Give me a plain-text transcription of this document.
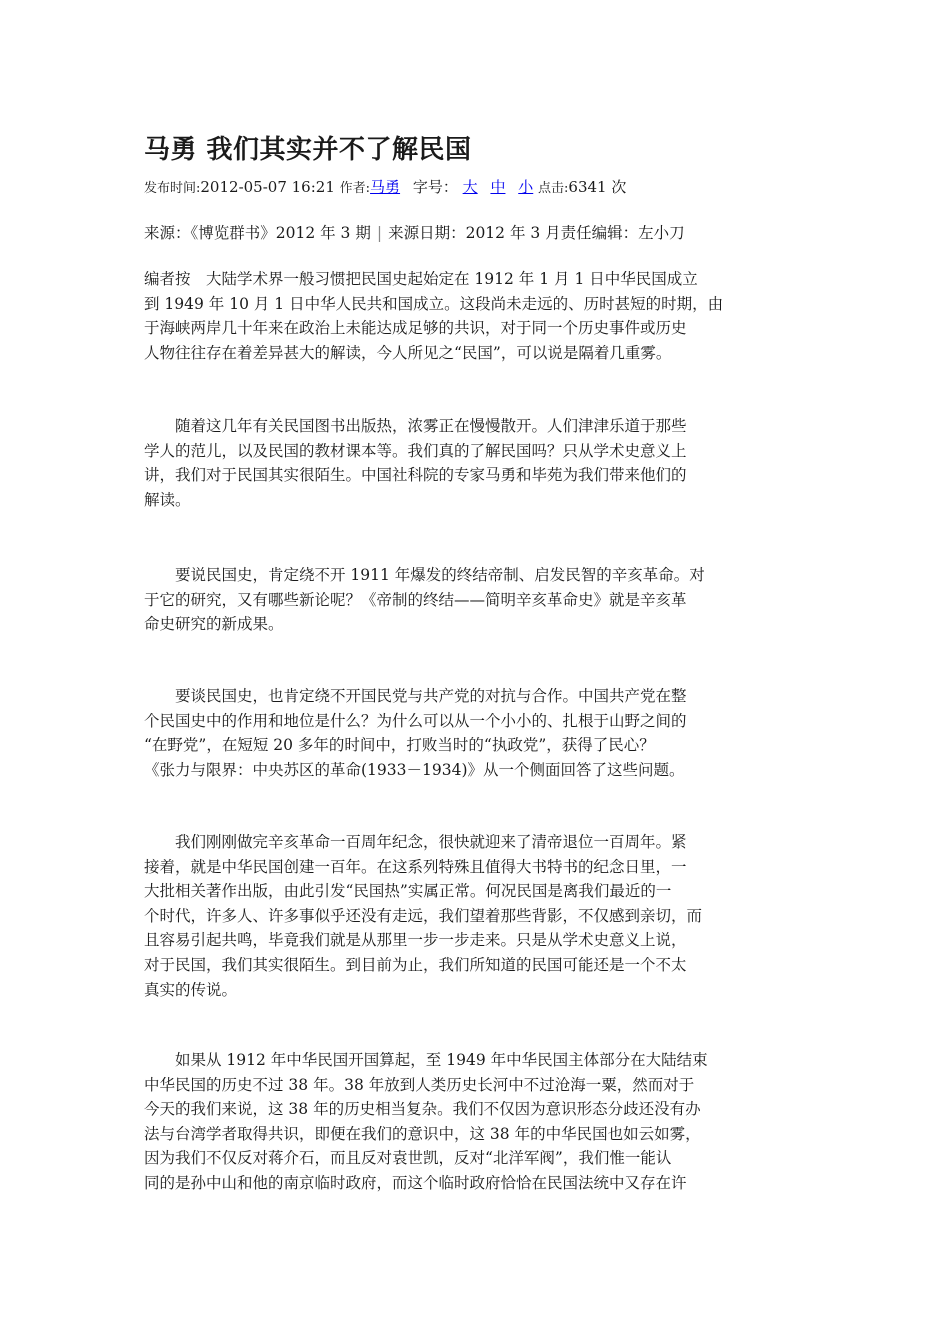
马勇 我们其实并不了解民国
发布时间:2012-05-07 16:21 作者:马勇 字号： 大 中 小 点击:6341 次
来源：《博览群书》2012 年 3 期 | 来源日期：2012 年 3 月责任编辑：左小刀
编者按　大陆学术界一般习惯把民国史起始定在 1912 年 1 月 1 日中华民国成立
到 1949 年 10 月 1 日中华人民共和国成立。这段尚未走远的、历时甚短的时期，由
于海峡两岸几十年来在政治上未能达成足够的共识，对于同一个历史事件或历史
人物往往存在着差异甚大的解读，今人所见之“民国”，可以说是隔着几重雾。
　　随着这几年有关民国图书出版热，浓雾正在慢慢散开。人们津津乐道于那些
学人的范儿，以及民国的教材课本等。我们真的了解民国吗？只从学术史意义上
讲，我们对于民国其实很陌生。中国社科院的专家马勇和毕苑为我们带来他们的
解读。
　　要说民国史，肯定绕不开 1911 年爆发的终结帝制、启发民智的辛亥革命。对
于它的研究，又有哪些新论呢？《帝制的终结——简明辛亥革命史》就是辛亥革
命史研究的新成果。
　　要谈民国史，也肯定绕不开国民党与共产党的对抗与合作。中国共产党在整
个民国史中的作用和地位是什么？为什么可以从一个小小的、扎根于山野之间的
“在野党”，在短短 20 多年的时间中，打败当时的“执政党”，获得了民心？
《张力与限界：中央苏区的革命(1933－1934)》从一个侧面回答了这些问题。
　　我们刚刚做完辛亥革命一百周年纪念，很快就迎来了清帝退位一百周年。紧
接着，就是中华民国创建一百年。在这系列特殊且值得大书特书的纪念日里，一
大批相关著作出版，由此引发“民国热”实属正常。何况民国是离我们最近的一
个时代，许多人、许多事似乎还没有走远，我们望着那些背影，不仅感到亲切，而
且容易引起共鸣，毕竟我们就是从那里一步一步走来。只是从学术史意义上说，
对于民国，我们其实很陌生。到目前为止，我们所知道的民国可能还是一个不太
真实的传说。
　　如果从 1912 年中华民国开国算起，至 1949 年中华民国主体部分在大陆结束
中华民国的历史不过 38 年。38 年放到人类历史长河中不过沧海一粟，然而对于
今天的我们来说，这 38 年的历史相当复杂。我们不仅因为意识形态分歧还没有办
法与台湾学者取得共识，即便在我们的意识中，这 38 年的中华民国也如云如雾，
因为我们不仅反对蒋介石，而且反对袁世凯，反对“北洋军阀”，我们惟一能认
同的是孙中山和他的南京临时政府，而这个临时政府恰恰在民国法统中又存在许
